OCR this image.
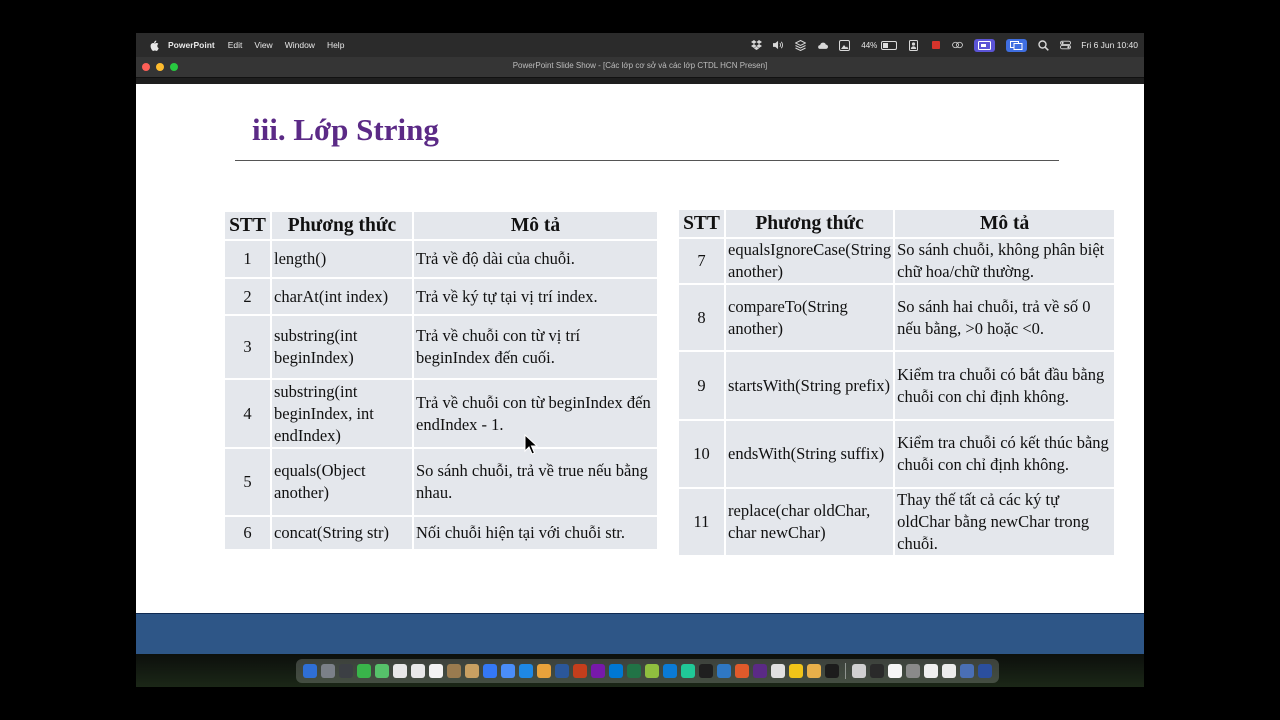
PowerPoint Edit View Window Help	44%	Fri 6 Jun 10:40
PowerPoint Slide Show - [Các lớp cơ sở và các lớp CTDL HCN Presen]
iii. Lớp String
STT	Phương thức	Mô tả
1	length()	Trả về độ dài của chuỗi.
2	charAt(int index)	Trả về ký tự tại vị trí index.
3	substring(int beginIndex)	Trả về chuỗi con từ vị trí beginIndex đến cuối.
4	substring(int beginIndex, int endIndex)	Trả về chuỗi con từ beginIndex đến endIndex - 1.
5	equals(Object another)	So sánh chuỗi, trả về true nếu bằng nhau.
6	concat(String str)	Nối chuỗi hiện tại với chuỗi str.
STT	Phương thức	Mô tả
7	equalsIgnoreCase(String another)	So sánh chuỗi, không phân biệt chữ hoa/chữ thường.
8	compareTo(String another)	So sánh hai chuỗi, trả về số 0 nếu bằng, >0 hoặc <0.
9	startsWith(String prefix)	Kiểm tra chuỗi có bắt đầu bằng chuỗi con chỉ định không.
10	endsWith(String suffix)	Kiểm tra chuỗi có kết thúc bằng chuỗi con chỉ định không.
11	replace(char oldChar, char newChar)	Thay thế tất cả các ký tự oldChar bằng newChar trong chuỗi.
